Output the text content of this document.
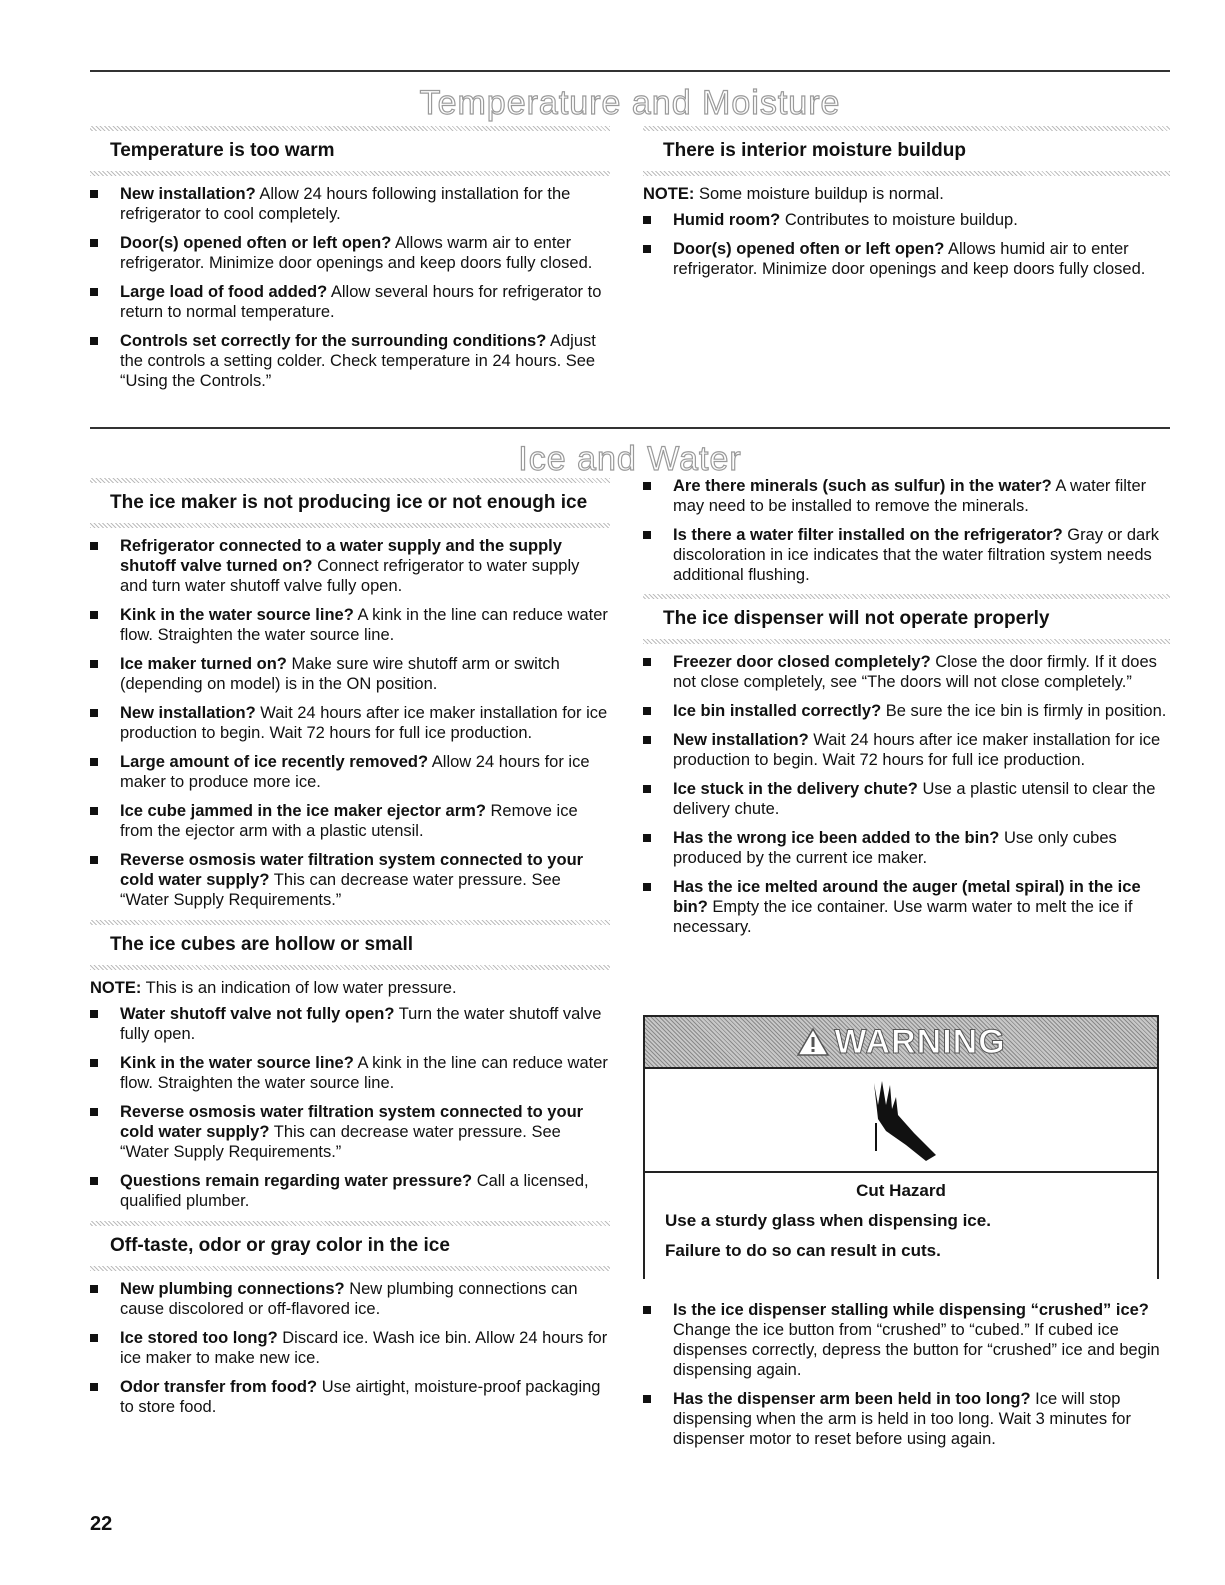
Temperature and Moisture
Temperature is too warm
New installation? Allow 24 hours following installation for the refrigerator to cool completely.
Door(s) opened often or left open? Allows warm air to enter refrigerator. Minimize door openings and keep doors fully closed.
Large load of food added? Allow several hours for refrigerator to return to normal temperature.
Controls set correctly for the surrounding conditions? Adjust the controls a setting colder. Check temperature in 24 hours. See “Using the Controls.”
There is interior moisture buildup

NOTE: Some moisture buildup is normal.

Humid room? Contributes to moisture buildup.
Door(s) opened often or left open? Allows humid air to enter refrigerator. Minimize door openings and keep doors fully closed.
Ice and Water
The ice maker is not producing ice or not enough ice
Refrigerator connected to a water supply and the supply shutoff valve turned on? Connect refrigerator to water supply and turn water shutoff valve fully open.
Kink in the water source line? A kink in the line can reduce water flow. Straighten the water source line.
Ice maker turned on? Make sure wire shutoff arm or switch (depending on model) is in the ON position.
New installation? Wait 24 hours after ice maker installation for ice production to begin. Wait 72 hours for full ice production.
Large amount of ice recently removed? Allow 24 hours for ice maker to produce more ice.
Ice cube jammed in the ice maker ejector arm? Remove ice from the ejector arm with a plastic utensil.
Reverse osmosis water filtration system connected to your cold water supply? This can decrease water pressure. See “Water Supply Requirements.”
The ice cubes are hollow or small

NOTE: This is an indication of low water pressure.

Water shutoff valve not fully open? Turn the water shutoff valve fully open.
Kink in the water source line? A kink in the line can reduce water flow. Straighten the water source line.
Reverse osmosis water filtration system connected to your cold water supply? This can decrease water pressure. See “Water Supply Requirements.”
Questions remain regarding water pressure? Call a licensed, qualified plumber.
Off-taste, odor or gray color in the ice
New plumbing connections? New plumbing connections can cause discolored or off-flavored ice.
Ice stored too long? Discard ice. Wash ice bin. Allow 24 hours for ice maker to make new ice.
Odor transfer from food? Use airtight, moisture-proof packaging to store food.
Are there minerals (such as sulfur) in the water? A water filter may need to be installed to remove the minerals.
Is there a water filter installed on the refrigerator? Gray or dark discoloration in ice indicates that the water filtration system needs additional flushing.
The ice dispenser will not operate properly
Freezer door closed completely? Close the door firmly. If it does not close completely, see “The doors will not close completely.”
Ice bin installed correctly? Be sure the ice bin is firmly in position.
New installation? Wait 24 hours after ice maker installation for ice production to begin. Wait 72 hours for full ice production.
Ice stuck in the delivery chute? Use a plastic utensil to clear the delivery chute.
Has the wrong ice been added to the bin? Use only cubes produced by the current ice maker.
Has the ice melted around the auger (metal spiral) in the ice bin? Empty the ice container. Use warm water to melt the ice if necessary.
WARNING
Cut Hazard
Use a sturdy glass when dispensing ice.
Failure to do so can result in cuts.
Is the ice dispenser stalling while dispensing “crushed” ice? Change the ice button from “crushed” to “cubed.” If cubed ice dispenses correctly, depress the button for “crushed” ice and begin dispensing again.
Has the dispenser arm been held in too long? Ice will stop dispensing when the arm is held in too long. Wait 3 minutes for dispenser motor to reset before using again.
22
